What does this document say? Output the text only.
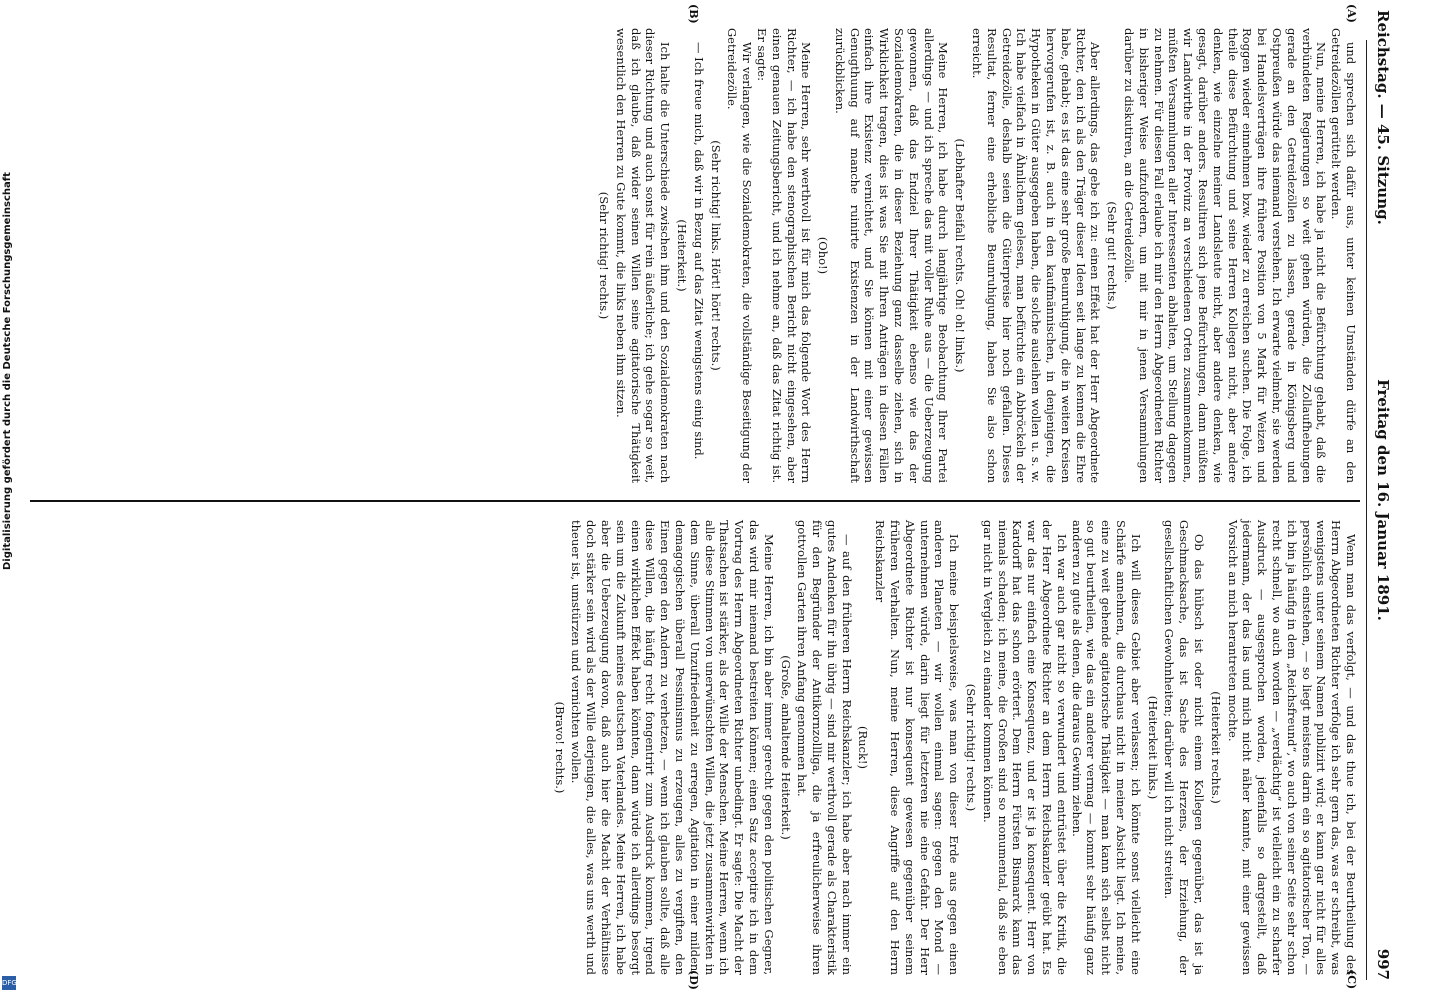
Digitalisierung gefördert durch die Deutsche Forschungsgemeinschaft
DFG
Reichstag. — 45. Sitzung.
Freitag den 16. Januar 1891.
997
(A)
(B)
(C)
(D)

und sprechen sich dafür aus, unter keinen Umständen dürfe an den Getreidezöllen gerüttelt werden.

Nun, meine Herren, ich habe ja nicht die Befürchtung gehabt, daß die verbündeten Regierungen so weit gehen würden, die Zollaufhebungen gerade an den Getreidezöllen zu lassen, gerade in Königsberg und Ostpreußen würde das niemand verstehen. Ich erwarte vielmehr, sie werden bei Handelsverträgen ihre frühere Position von 5 Mark für Weizen und Roggen wieder einnehmen bzw. wieder zu erreichen suchen. Die Folge, ich theile diese Befürchtung und seine Herren Kollegen nicht, aber andere denken, wie einzelne meiner Landsleute nicht, aber andere denken, wie gesagt, darüber anders. Resultiren sich jene Befürchtungen, dann müßten wir Landwirthe in der Provinz an verschiedenen Orten zusammenkommen, müßten Versammlungen aller Interessenten abhalten, um Stellung dagegen zu nehmen. Für diesen Fall erlaube ich mir den Herrn Abgeordneten Richter in bisheriger Weise aufzufordern, um mit mir in jenen Versammlungen darüber zu diskutiren, an die Getreidezölle.

(Sehr gut! rechts.)

Aber allerdings, das gebe ich zu: einen Effekt hat der Herr Abgeordnete Richter, den ich als den Träger dieser Ideen seit lange zu kennen die Ehre habe, gehabt; es ist das eine sehr große Beunruhigung, die in weiten Kreisen hervorgerufen ist, z. B. auch in den kaufmännischen, in denjenigen, die Hypotheken in Güter ausgegeben haben, die solche ausleihen wollen u. s. w. Ich habe vielfach in Ähnlichem gelesen, man befürchte ein Abbröckeln der Getreidezölle, deshalb seien die Güterpreise hier noch gefallen. Dieses Resultat, ferner eine erhebliche Beunruhigung, haben Sie also schon erreicht.

(Lebhafter Beifall rechts. Oh! oh! links.)

Meine Herren, ich habe durch langjährige Beobachtung Ihrer Partei allerdings — und ich spreche das mit voller Ruhe aus — die Ueberzeugung gewonnen, daß das Endziel Ihrer Thätigkeit ebenso wie das der Sozialdemokraten, die in dieser Beziehung ganz dasselbe ziehen, sich in Wirklichkeit tragen, dies ist was Sie mit Ihren Anträgen in diesen Fällen einfach ihre Existenz vernichtet, und Sie können mit einer gewissen Genugthuung auf manche ruinirte Existenzen in der Landwirthschaft zurückblicken.

(Oho!)

Meine Herren, sehr werthvoll ist für mich das folgende Wort des Herrn Richter, — ich habe den stenographischen Bericht nicht eingesehen, aber einen genauen Zeitungsbericht, und ich nehme an, daß das Zitat richtig ist. Er sagte:

Wir verlangen, wie die Sozialdemokraten, die vollständige Beseitigung der Getreidezölle.

(Sehr richtig! links. Hört! hört! rechts.)

— Ich freue mich, daß wir in Bezug auf das Zitat wenigstens einig sind.

(Heiterkeit.)

Ich halte die Unterschiede zwischen ihm und den Sozialdemokraten nach dieser Richtung und auch sonst für rein äußerliche; ich gehe sogar so weit, daß ich glaube, daß wider seinen Willen seine agitatorische Thätigkeit wesentlich den Herren zu Gute kommt, die links neben ihm sitzen.

(Sehr richtig! rechts.)

Wenn man das verfolgt, — und das thue ich, bei der Beurtheilung des Herrn Abgeordneten Richter verfolge ich sehr gern das, was er schreibt, was wenigstens unter seinem Namen publizirt wird; er kann gar nicht für alles persönlich einstehen, — so liegt meistens darin ein so agitatorischer Ton, — ich bin ja häufig in dem „Reichsfreund“, wo auch von seiner Seite sehr schon recht schnell, wo auch worden — „verdächtig“ ist vielleicht ein zu scharfer Ausdruck — ausgesprochen worden, jedenfalls so dargestellt, daß jedermann, der das las und mich nicht näher kannte, mit einer gewissen Vorsicht an mich herantreten mochte.

(Heiterkeit rechts.)

Ob das hübsch ist oder nicht einem Kollegen gegenüber, das ist ja Geschmacksache, das ist Sache des Herzens, der Erziehung, der gesellschaftlichen Gewohnheiten; darüber will ich nicht streiten.

(Heiterkeit links.)

Ich will dieses Gebiet aber verlassen; ich könnte sonst vielleicht eine Schärfe annehmen, die durchaus nicht in meiner Absicht liegt. Ich meine, eine zu weit gehende agitatorische Thätigkeit — man kann sich selbst nicht so gut beurtheilen, wie das ein anderer vermag — kommt sehr häufig ganz anderen zu gute als denen, die daraus Gewinn ziehen.

Ich war auch gar nicht so verwundert und entrüstet über die Kritik, die der Herr Abgeordnete Richter an dem Herrn Reichskanzler geübt hat. Es war das nur einfach eine Konsequenz, und er ist ja konsequent. Herr von Kardorff hat das schon erörtert. Dem Herrn Fürsten Bismarck kann das niemals schaden; ich meine, die Großen sind so monumental, daß sie eben gar nicht in Vergleich zu einander kommen können.

(Sehr richtig! rechts.)

Ich meine beispielsweise, was man von dieser Erde aus gegen einen anderen Planeten — wir wollen einmal sagen: gegen den Mond — unternehmen würde, darin liegt für letzteren nie eine Gefahr. Der Herr Abgeordnete Richter ist nur konsequent gewesen gegenüber seinem früheren Verhalten. Nun, meine Herren, diese Angriffe auf den Herrn Reichskanzler

(Ruck!)

— auf den früheren Herrn Reichskanzler; ich habe aber nach immer ein gutes Andenken für ihn übrig — sind mir werthvoll gerade als Charakteristik für den Begründer der Antikornzollliga, die ja erfreulicherweise ihren gottvollen Garten ihren Anfang genommen hat.

(Große, anhaltende Heiterkeit.)

Meine Herren, ich bin aber immer gerecht gegen den politischen Gegner, das wird mir niemand bestreiten können; einen Satz acceptire ich in dem Vortrag des Herrn Abgeordneten Richter unbedingt. Er sagte: Die Macht der Thatsachen ist stärker, als der Wille der Menschen. Meine Herren, wenn ich alle diese Stimmen von unerwünschten Willen, die jetzt zusammenwirkten in dem Sinne, überall Unzufriedenheit zu erregen, Agitation in einer milden, demagogischen überall Pessimismus zu erzeugen, alles zu vergiften, den Einen gegen den Andern zu verhetzen, — wenn ich glauben sollte, daß alle diese Willen, die häufig recht fongentrirt zum Ausdruck kommen, irgend einen wirklichen Effekt haben könnten, dann würde ich allerdings besorgt sein um die Zukunft meines deutschen Vaterlandes. Meine Herren, ich habe aber die Ueberzeugung davon, daß auch hier die Macht der Verhältnisse doch stärker sein wird als der Wille derjenigen, die alles, was uns werth und theuer ist, umstürzen und vernichten wollen.

(Bravo! rechts.)
